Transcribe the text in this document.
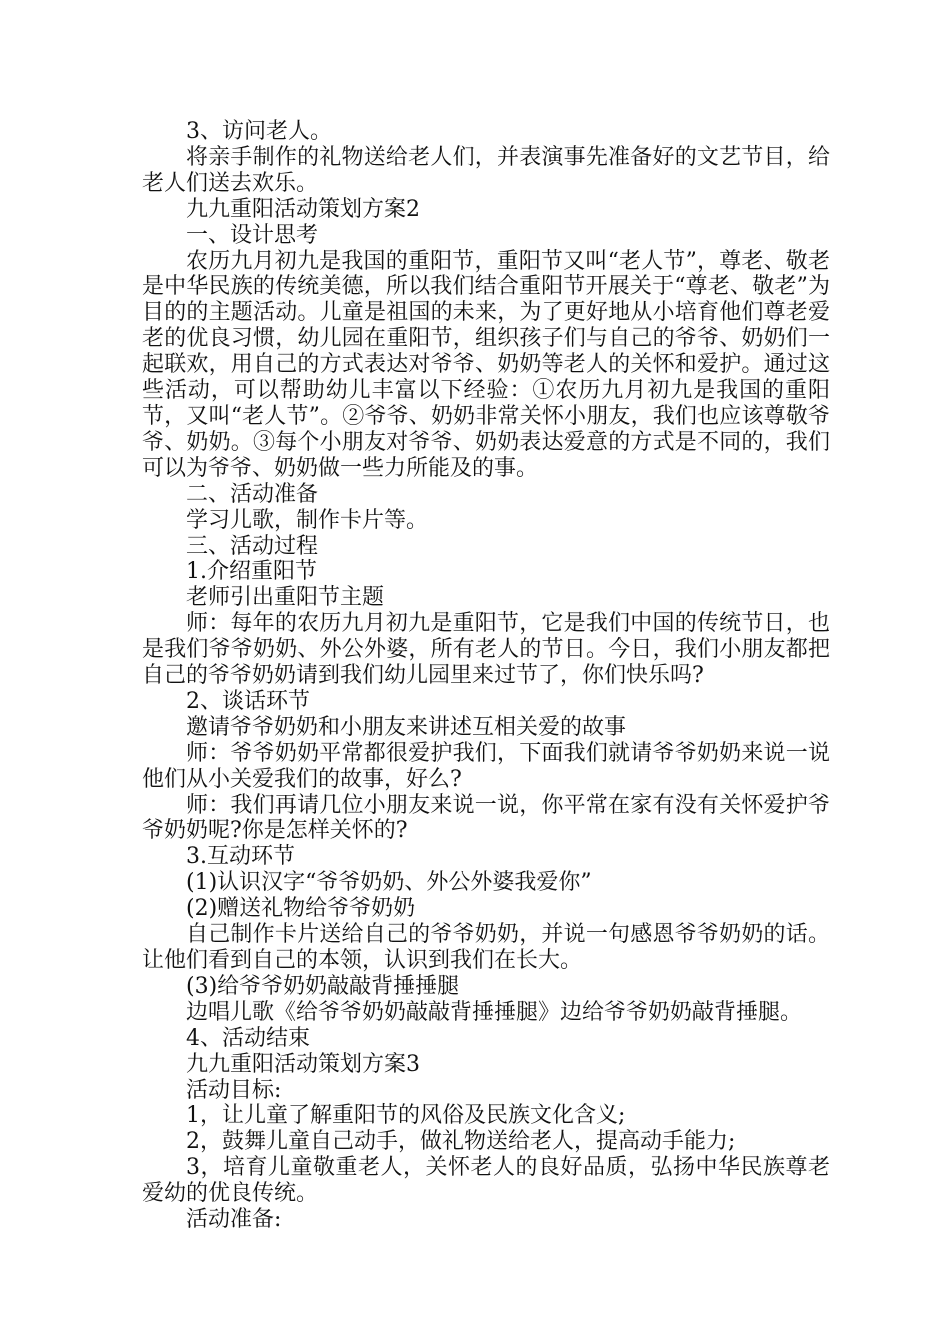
3、访问老人。

将亲手制作的礼物送给老人们，并表演事先准备好的文艺节目，给老人们送去欢乐。

九九重阳活动策划方案2

一、设计思考

农历九月初九是我国的重阳节，重阳节又叫“老人节”，尊老、敬老是中华民族的传统美德，所以我们结合重阳节开展关于“尊老、敬老”为目的的主题活动。儿童是祖国的未来，为了更好地从小培育他们尊老爱老的优良习惯，幼儿园在重阳节，组织孩子们与自己的爷爷、奶奶们一起联欢，用自己的方式表达对爷爷、奶奶等老人的关怀和爱护。通过这些活动，可以帮助幼儿丰富以下经验：①农历九月初九是我国的重阳节，又叫“老人节”。②爷爷、奶奶非常关怀小朋友，我们也应该尊敬爷爷、奶奶。③每个小朋友对爷爷、奶奶表达爱意的方式是不同的，我们可以为爷爷、奶奶做一些力所能及的事。

二、活动准备

学习儿歌，制作卡片等。

三、活动过程

1.介绍重阳节

老师引出重阳节主题

师：每年的农历九月初九是重阳节，它是我们中国的传统节日，也是我们爷爷奶奶、外公外婆，所有老人的节日。今日，我们小朋友都把自己的爷爷奶奶请到我们幼儿园里来过节了，你们快乐吗?

2、谈话环节

邀请爷爷奶奶和小朋友来讲述互相关爱的故事

师：爷爷奶奶平常都很爱护我们，下面我们就请爷爷奶奶来说一说他们从小关爱我们的故事，好么?

师：我们再请几位小朋友来说一说，你平常在家有没有关怀爱护爷爷奶奶呢?你是怎样关怀的?

3.互动环节

(1)认识汉字“爷爷奶奶、外公外婆我爱你”

(2)赠送礼物给爷爷奶奶

自己制作卡片送给自己的爷爷奶奶，并说一句感恩爷爷奶奶的话。让他们看到自己的本领，认识到我们在长大。

(3)给爷爷奶奶敲敲背捶捶腿

边唱儿歌《给爷爷奶奶敲敲背捶捶腿》边给爷爷奶奶敲背捶腿。

4、活动结束

九九重阳活动策划方案3

活动目标:

1，让儿童了解重阳节的风俗及民族文化含义;

2，鼓舞儿童自己动手，做礼物送给老人，提高动手能力;

3，培育儿童敬重老人，关怀老人的良好品质，弘扬中华民族尊老爱幼的优良传统。

活动准备:
